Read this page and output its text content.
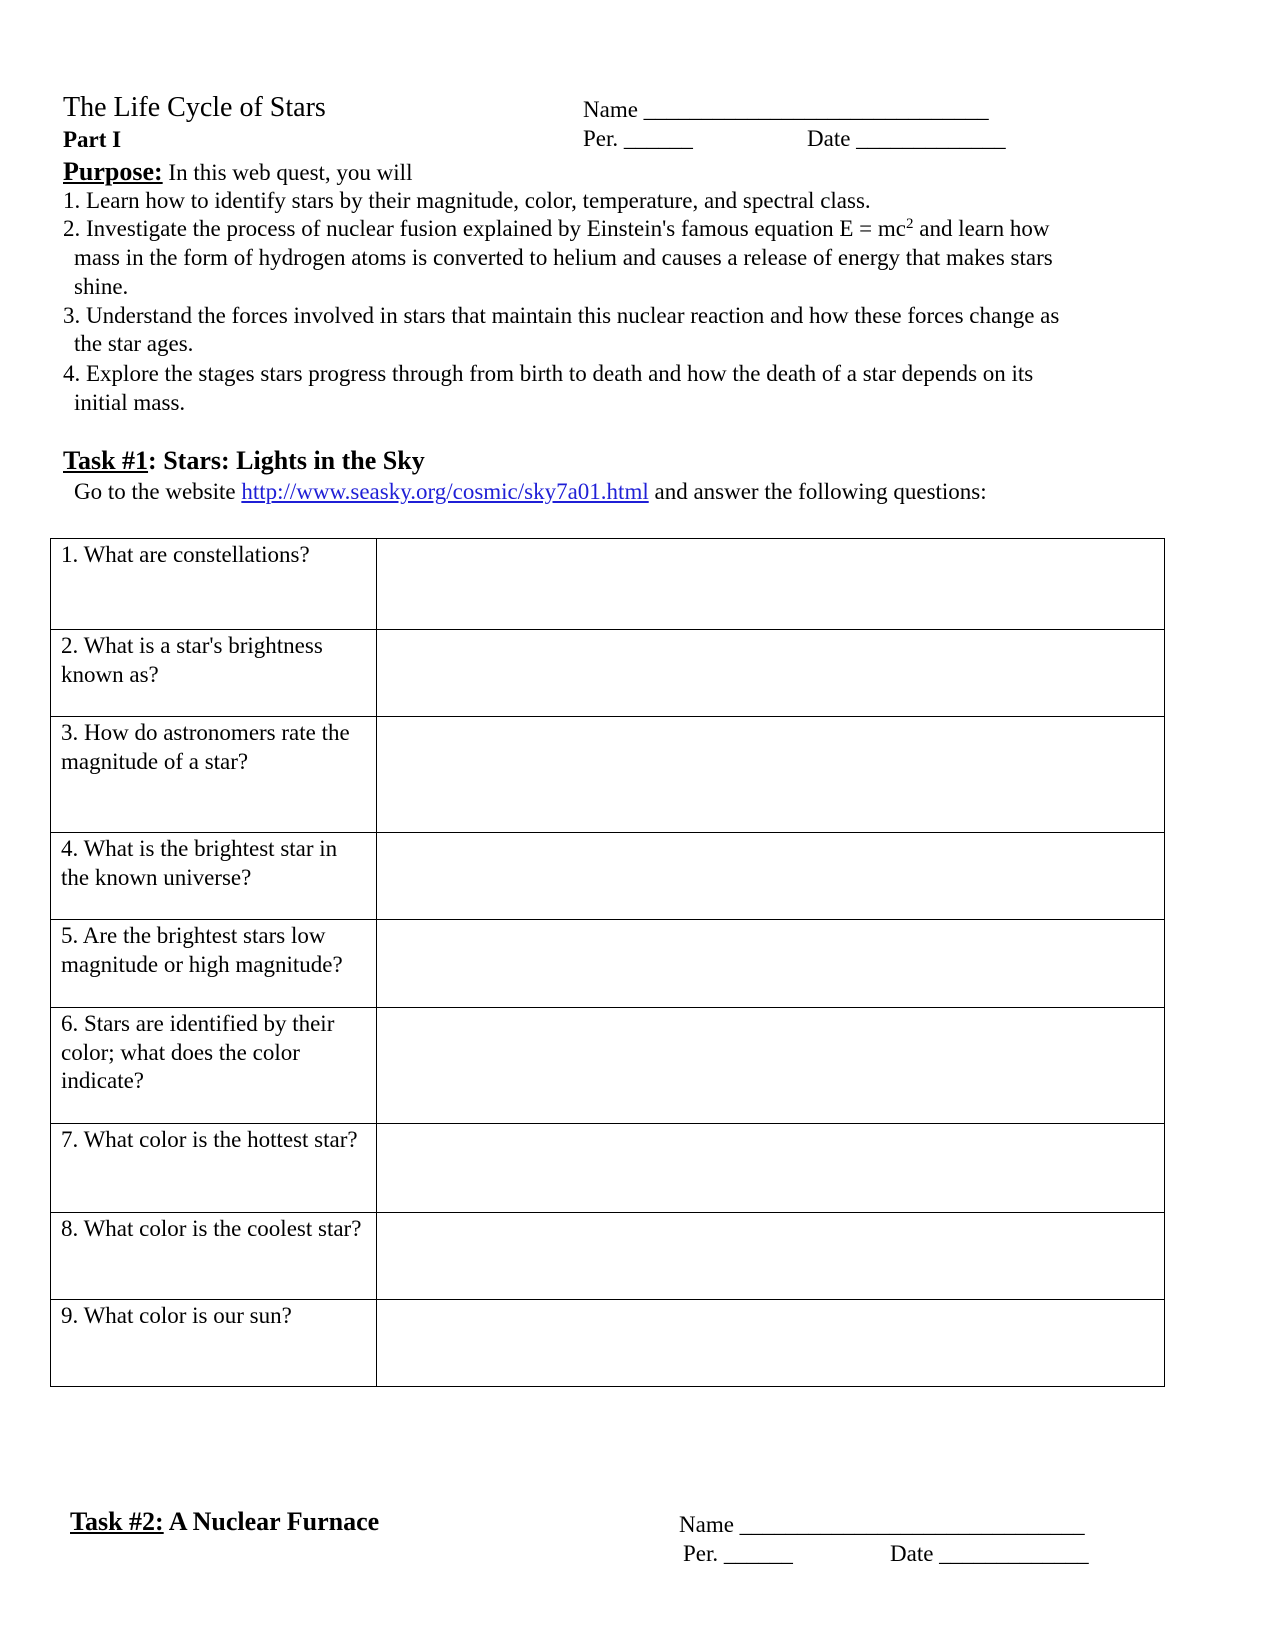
The Life Cycle of Stars
Part I
Name ______________________________
Per. ______	Date _____________
Purpose: In this web quest, you will
1. Learn how to identify stars by their magnitude, color, temperature, and spectral class.
2. Investigate the process of nuclear fusion explained by Einstein's famous equation $E = mc^2$ and learn how
mass in the form of hydrogen atoms is converted to helium and causes a release of energy that makes stars
shine.
3. Understand the forces involved in stars that maintain this nuclear reaction and how these forces change as
the star ages.
4. Explore the stages stars progress through from birth to death and how the death of a star depends on its
initial mass.
Task #1: Stars: Lights in the Sky
Go to the website http://www.seasky.org/cosmic/sky7a01.html and answer the following questions:
1. What are constellations?	
2. What is a star's brightness known as?	
3. How do astronomers rate the magnitude of a star?	
4. What is the brightest star in the known universe?	
5. Are the brightest stars low magnitude or high magnitude?	
6. Stars are identified by their color; what does the color indicate?	
7. What color is the hottest star?	
8. What color is the coolest star?	
9. What color is our sun?	
Task #2: A Nuclear Furnace	Name ______________________________
Per. ______	Date _____________
